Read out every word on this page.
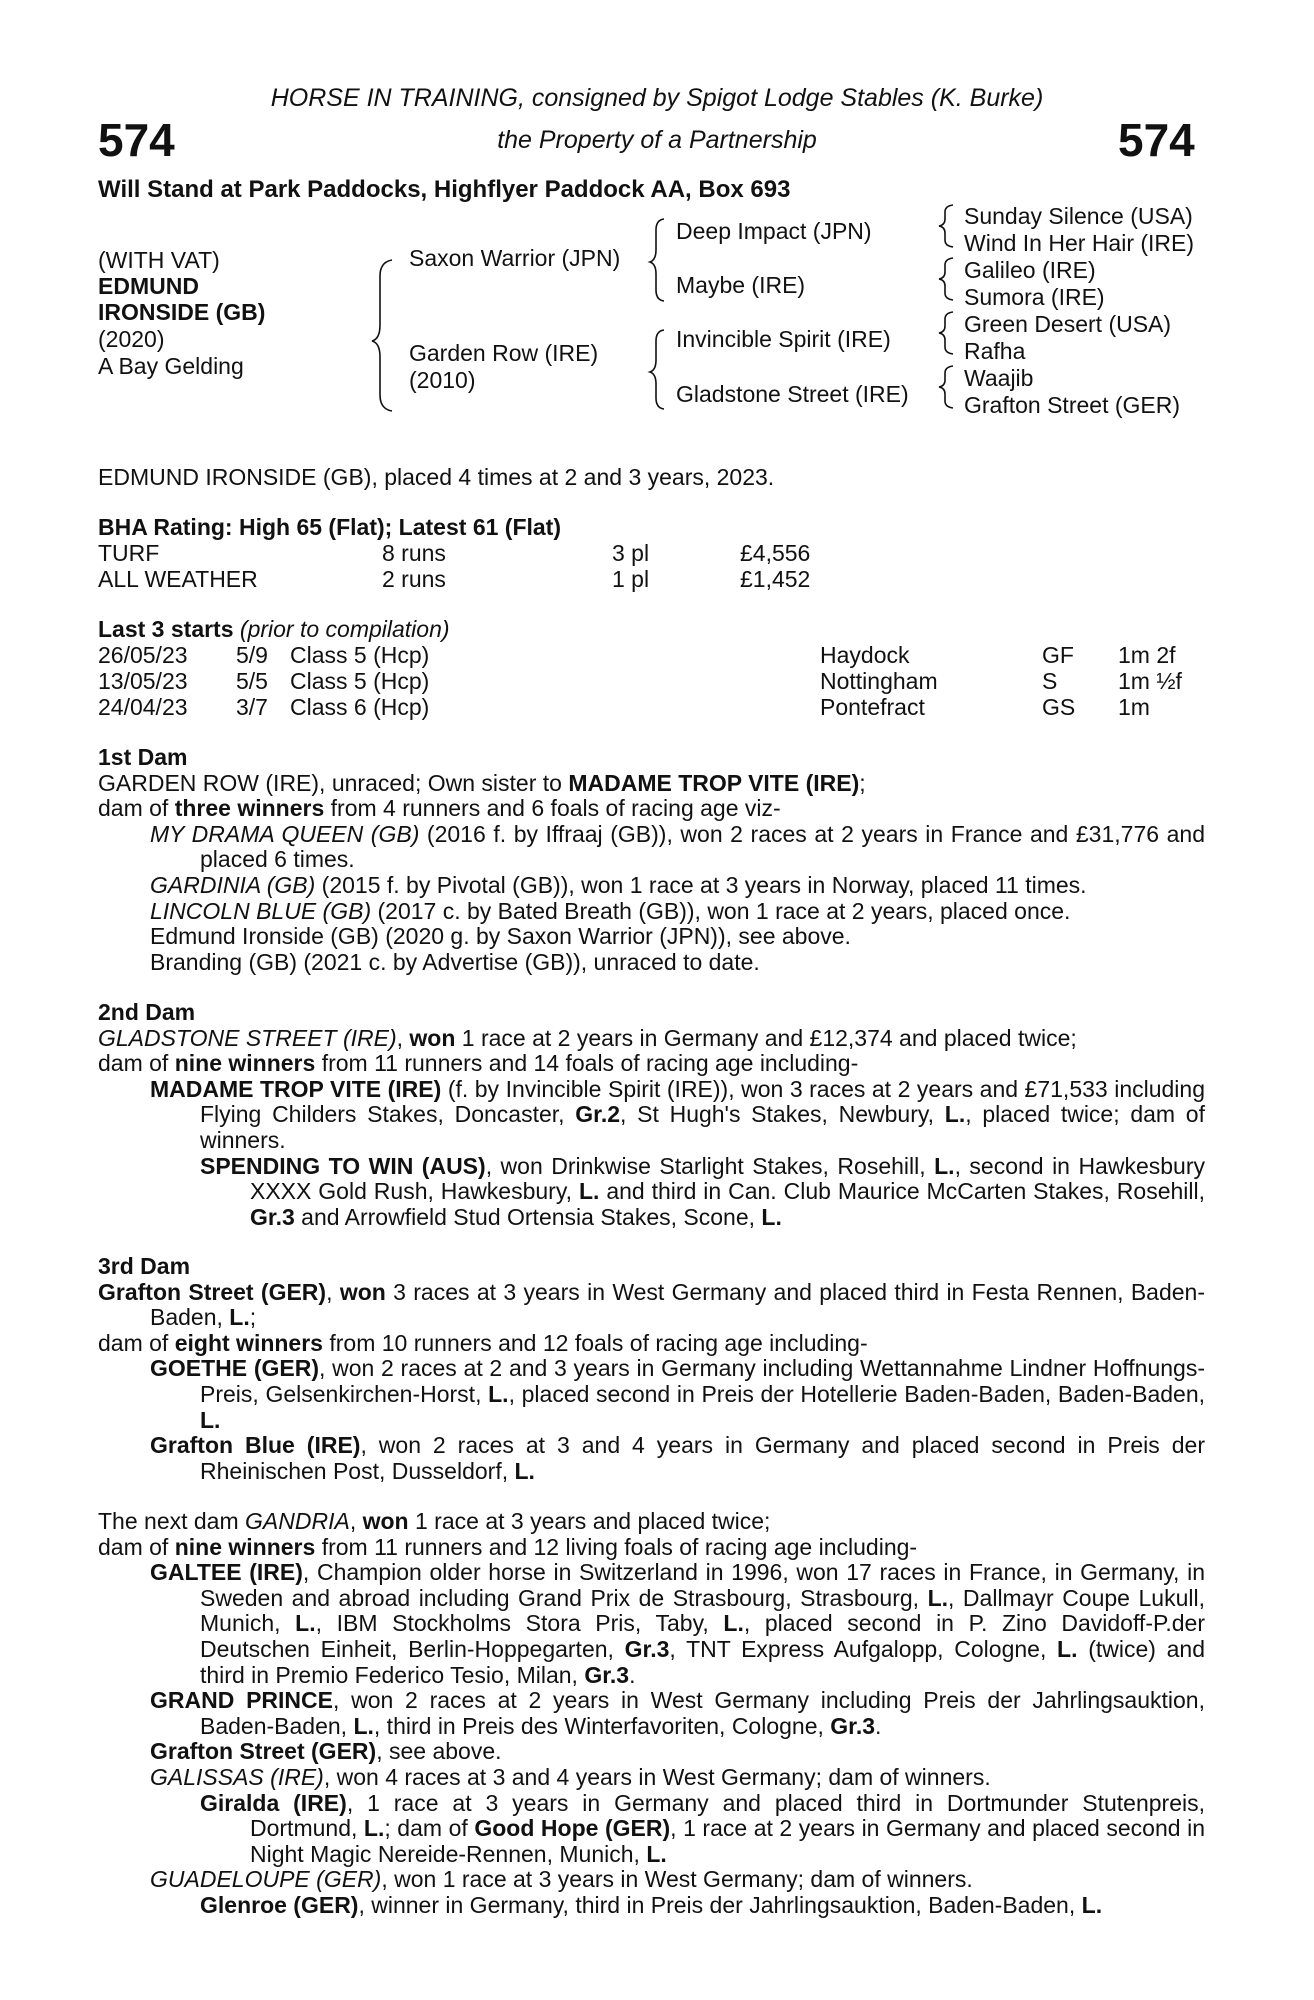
HORSE IN TRAINING, consigned by Spigot Lodge Stables (K. Burke)
574	the Property of a Partnership	574
Will Stand at Park Paddocks, Highflyer Paddock AA, Box 693
(WITH VAT)
EDMUND
IRONSIDE (GB)
(2020)
A Bay Gelding
Saxon Warrior (JPN)
Garden Row (IRE)
(2010)
Deep Impact (JPN)
Maybe (IRE)
Invincible Spirit (IRE)
Gladstone Street (IRE)
Sunday Silence (USA)
Wind In Her Hair (IRE)
Galileo (IRE)
Sumora (IRE)
Green Desert (USA)
Rafha
Waajib
Grafton Street (GER)
EDMUND IRONSIDE (GB), placed 4 times at 2 and 3 years, 2023.
BHA Rating: High 65 (Flat); Latest 61 (Flat)
TURF	8 runs	3 pl	£4,556
ALL WEATHER	2 runs	1 pl	£1,452
Last 3 starts (prior to compilation)
26/05/23 5/9 Class 5 (Hcp)	Haydock	GF 1m 2f
13/05/23 5/5 Class 5 (Hcp)	Nottingham	S	1m ½f
24/04/23 3/7 Class 6 (Hcp)	Pontefract	GS 1m

1st Dam

GARDEN ROW (IRE), unraced; Own sister to MADAME TROP VITE (IRE);

dam of three winners from 4 runners and 6 foals of racing age viz-

MY DRAMA QUEEN (GB) (2016 f. by Iffraaj (GB)), won 2 races at 2 years in France and £31,776 and placed 6 times.

GARDINIA (GB) (2015 f. by Pivotal (GB)), won 1 race at 3 years in Norway, placed 11 times.

LINCOLN BLUE (GB) (2017 c. by Bated Breath (GB)), won 1 race at 2 years, placed once.

Edmund Ironside (GB) (2020 g. by Saxon Warrior (JPN)), see above.

Branding (GB) (2021 c. by Advertise (GB)), unraced to date.

2nd Dam

GLADSTONE STREET (IRE), won 1 race at 2 years in Germany and £12,374 and placed twice;

dam of nine winners from 11 runners and 14 foals of racing age including-

MADAME TROP VITE (IRE) (f. by Invincible Spirit (IRE)), won 3 races at 2 years and £71,533 including Flying Childers Stakes, Doncaster, Gr.2, St Hugh's Stakes, Newbury, L., placed twice; dam of winners.

SPENDING TO WIN (AUS), won Drinkwise Starlight Stakes, Rosehill, L., second in Hawkesbury XXXX Gold Rush, Hawkesbury, L. and third in Can. Club Maurice McCarten Stakes, Rosehill, Gr.3 and Arrowfield Stud Ortensia Stakes, Scone, L.

3rd Dam

Grafton Street (GER), won 3 races at 3 years in West Germany and placed third in Festa Rennen, Baden-Baden, L.;

dam of eight winners from 10 runners and 12 foals of racing age including-

GOETHE (GER), won 2 races at 2 and 3 years in Germany including Wettannahme Lindner Hoffnungs-Preis, Gelsenkirchen-Horst, L., placed second in Preis der Hotellerie Baden-Baden, Baden-Baden, L.

Grafton Blue (IRE), won 2 races at 3 and 4 years in Germany and placed second in Preis der Rheinischen Post, Dusseldorf, L.

The next dam GANDRIA, won 1 race at 3 years and placed twice;

dam of nine winners from 11 runners and 12 living foals of racing age including-

GALTEE (IRE), Champion older horse in Switzerland in 1996, won 17 races in France, in Germany, in Sweden and abroad including Grand Prix de Strasbourg, Strasbourg, L., Dallmayr Coupe Lukull, Munich, L., IBM Stockholms Stora Pris, Taby, L., placed second in P. Zino Davidoff-P.der Deutschen Einheit, Berlin-Hoppegarten, Gr.3, TNT Express Aufgalopp, Cologne, L. (twice) and third in Premio Federico Tesio, Milan, Gr.3.

GRAND PRINCE, won 2 races at 2 years in West Germany including Preis der Jahrlingsauktion, Baden-Baden, L., third in Preis des Winterfavoriten, Cologne, Gr.3.

Grafton Street (GER), see above.

GALISSAS (IRE), won 4 races at 3 and 4 years in West Germany; dam of winners.

Giralda (IRE), 1 race at 3 years in Germany and placed third in Dortmunder Stutenpreis, Dortmund, L.; dam of Good Hope (GER), 1 race at 2 years in Germany and placed second in Night Magic Nereide-Rennen, Munich, L.

GUADELOUPE (GER), won 1 race at 3 years in West Germany; dam of winners.

Glenroe (GER), winner in Germany, third in Preis der Jahrlingsauktion, Baden-Baden, L.
